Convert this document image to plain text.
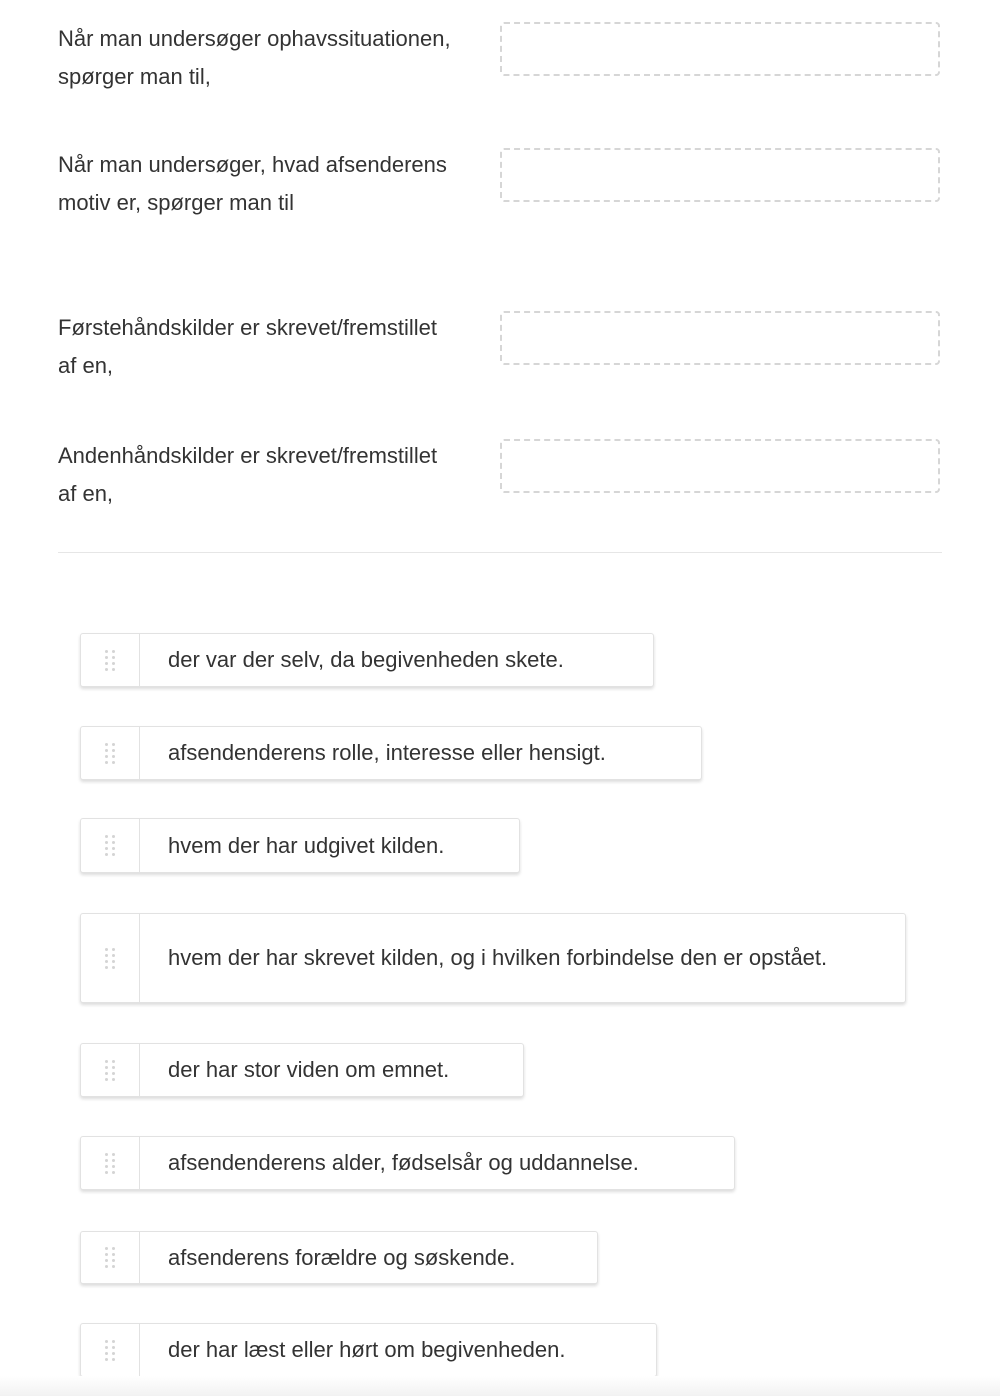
Når man undersøger ophavssituationen, spørger man til,
Når man undersøger, hvad afsenderens motiv er, spørger man til
Førstehåndskilder er skrevet/fremstillet af en,
Andenhåndskilder er skrevet/fremstillet af en,
der var der selv, da begivenheden skete.
afsendenderens rolle, interesse eller hensigt.
hvem der har udgivet kilden.
hvem der har skrevet kilden, og i hvilken forbindelse den er opstået.
der har stor viden om emnet.
afsendenderens alder, fødselsår og uddannelse.
afsenderens forældre og søskende.
der har læst eller hørt om begivenheden.
